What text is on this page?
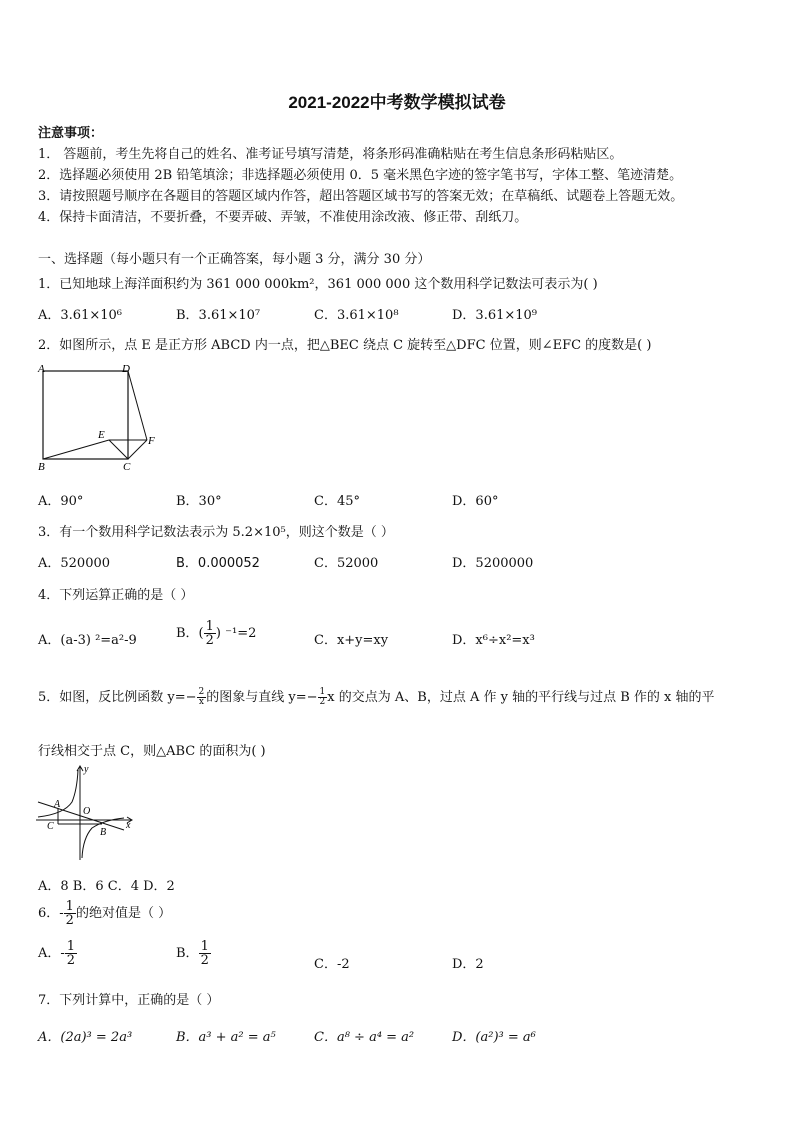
2021-2022中考数学模拟试卷
注意事项：
1． 答题前，考生先将自己的姓名、准考证号填写清楚，将条形码准确粘贴在考生信息条形码粘贴区。
2．选择题必须使用 2B 铅笔填涂；非选择题必须使用 0．5 毫米黑色字迹的签字笔书写，字体工整、笔迹清楚。
3．请按照题号顺序在各题目的答题区域内作答，超出答题区域书写的答案无效；在草稿纸、试题卷上答题无效。
4．保持卡面清洁，不要折叠，不要弄破、弄皱，不准使用涂改液、修正带、刮纸刀。
一、选择题（每小题只有一个正确答案，每小题 3 分，满分 30 分）
1．已知地球上海洋面积约为 361 000 000km²，361 000 000 这个数用科学记数法可表示为( )
A．3.61×10⁶	B．3.61×10⁷	C．3.61×10⁸	D．3.61×10⁹
2．如图所示，点 E 是正方形 ABCD 内一点，把△BEC 绕点 C 旋转至△DFC 位置，则∠EFC 的度数是( )
A	D
E	F
B	C
A．90°	B．30°	C．45°	D．60°
3．有一个数用科学记数法表示为 5.2×10⁵，则这个数是（ ）
A．520000	B．0.000052	C．52000	D．5200000
4．下列运算正确的是（ ）
A．(a-3) ²=a²-9	B．( $\frac{1}{2}$ ) ⁻¹=2	C．x+y=xy	D．x⁶÷x²=x³
5．如图，反比例函数 $y=- \frac{2}{x}$ 的图象与直线 $y=- \frac{1}{2}$ x 的交点为 A、B，过点 A 作 y 轴的平行线与过点 B 作的 x 轴的平
行线相交于点 C，则△ABC 的面积为( )
y
x
O
A
B
C
A．8 B．6 C．4 D．2
6．- $\frac{1}{2}$ 的绝对值是（ ）
A．- $\frac{1}{2}$	B． $\frac{1}{2}$	C．-2	D．2
7．下列计算中，正确的是（ ）
A．(2a)³ = 2a³	B．a³ + a² = a⁵	C．a⁸ ÷ a⁴ = a²	D．(a²)³ = a⁶
